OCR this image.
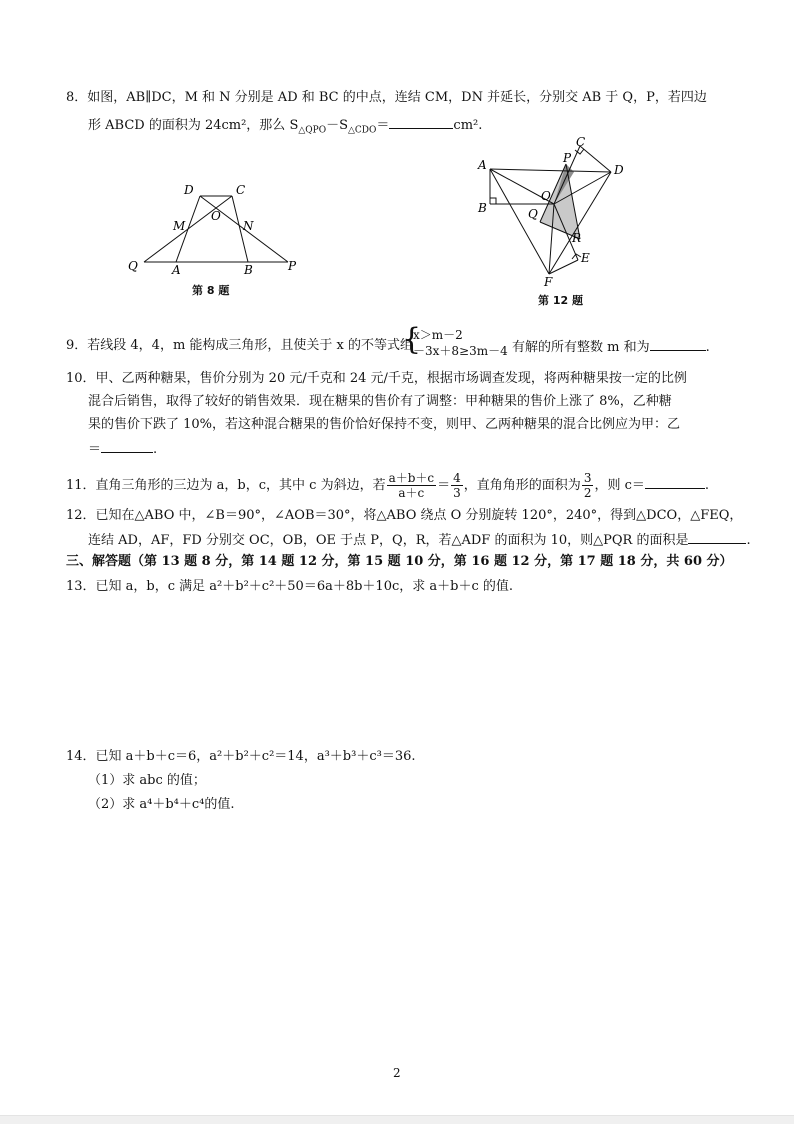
8．如图，AB∥DC，M 和 N 分别是 AD 和 BC 的中点，连结 CM，DN 并延长，分别交 AB 于 Q，P，若四边
形 ABCD 的面积为 24cm²，那么 $S_{\triangle QPO}-S_{\triangle CDO}=$	cm².
D	C
M
O
N
Q	A	B	P
第 8 题
A
C
P
D
O
B	Q
R
E
F
第 12 题
9．若线段 4，4，m 能构成三角形，且使关于 x 的不等式组
{
x＞m－2
－3x＋8≥3m－4 有解的所有整数 m 和为	.
10．甲、乙两种糖果，售价分别为 20 元/千克和 24 元/千克，根据市场调查发现，将两种糖果按一定的比例
混合后销售，取得了较好的销售效果．现在糖果的售价有了调整：甲种糖果的售价上涨了 8%，乙种糖
果的售价下跌了 10%，若这种混合糖果的售价恰好保持不变，则甲、乙两种糖果的混合比例应为甲：乙
＝	.
11．直角三角形的三边为 a，b，c，其中 c 为斜边，若 $\frac{a+b+c}{a+c} = \frac{4}{3}$ ，直角角形的面积为 $\frac{3}{2}$ ，则 c＝	.
12．已知在△ABO 中，∠B＝90°，∠AOB＝30°，将△ABO 绕点 O 分别旋转 120°，240°，得到△DCO，△FEQ，
连结 AD，AF，FD 分别交 OC，OB，OE 于点 P，Q，R，若△ADF 的面积为 10，则△PQR 的面积是	.
三、解答题（第 13 题 8 分，第 14 题 12 分，第 15 题 10 分，第 16 题 12 分，第 17 题 18 分，共 60 分）
13．已知 a，b，c 满足 a²＋b²＋c²＋50＝6a＋8b＋10c，求 a＋b＋c 的值.
14．已知 a＋b＋c＝6，a²＋b²＋c²＝14，a³＋b³＋c³＝36.
（1）求 abc 的值；
（2）求 a⁴＋b⁴＋c⁴的值.
2
